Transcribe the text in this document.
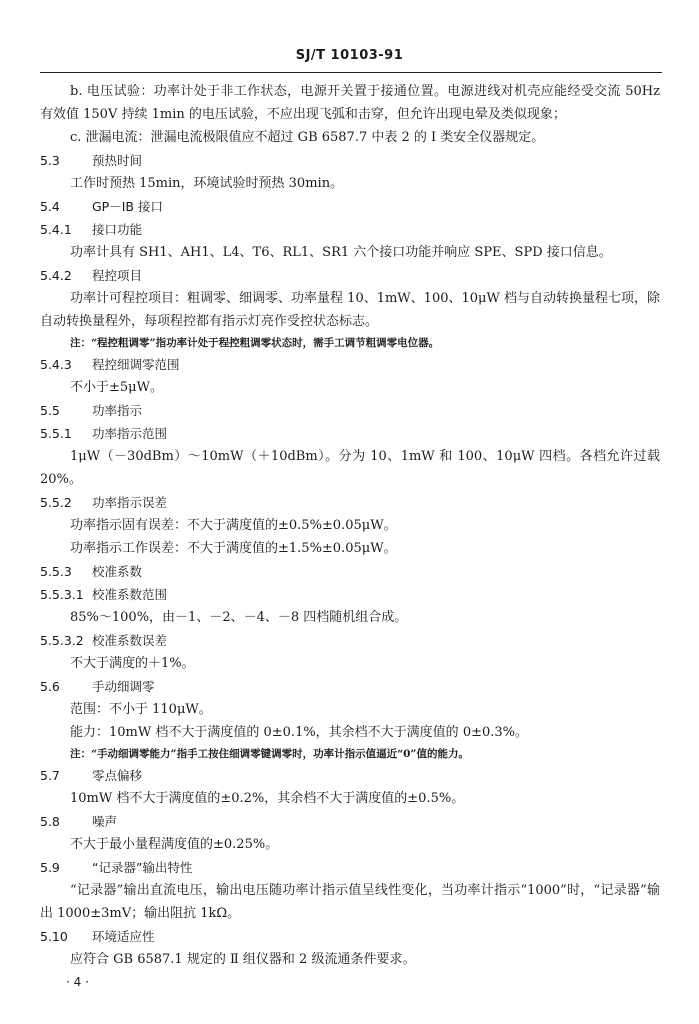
SJ/T 10103-91
b. 电压试验：功率计处于非工作状态，电源开关置于接通位置。电源进线对机壳应能经受交流 50Hz 有效值 150V 持续 1min 的电压试验，不应出现飞弧和击穿，但允许出现电晕及类似现象；
c. 泄漏电流：泄漏电流极限值应不超过 GB 6587.7 中表 2 的 Ⅰ 类安全仪器规定。
5.3	预热时间
工作时预热 15min，环境试验时预热 30min。
5.4	GP－IB 接口
5.4.1 接口功能
功率计具有 SH1、AH1、L4、T6、RL1、SR1 六个接口功能并响应 SPE、SPD 接口信息。
5.4.2 程控项目
功率计可程控项目：粗调零、细调零、功率量程 10、1mW、100、10μW 档与自动转换量程七项，除自动转换量程外，每项程控都有指示灯亮作受控状态标志。
注：“程控粗调零”指功率计处于程控粗调零状态时，需手工调节粗调零电位器。
5.4.3 程控细调零范围
不小于±5μW。
5.5	功率指示
5.5.1 功率指示范围
1μW（－30dBm）～10mW（＋10dBm）。分为 10、1mW 和 100、10μW 四档。各档允许过载 20%。
5.5.2 功率指示误差
功率指示固有误差：不大于满度值的±0.5%±0.05μW。
功率指示工作误差：不大于满度值的±1.5%±0.05μW。
5.5.3 校准系数
5.5.3.1 校准系数范围
85%～100%，由－1、－2、－4、－8 四档随机组合成。
5.5.3.2 校准系数误差
不大于满度的＋1%。
5.6	手动细调零
范围：不小于 110μW。
能力：10mW 档不大于满度值的 0±0.1%，其余档不大于满度值的 0±0.3%。
注：“手动细调零能力”指手工按住细调零键调零时，功率计指示值逼近“0”值的能力。
5.7	零点偏移
10mW 档不大于满度值的±0.2%，其余档不大于满度值的±0.5%。
5.8	噪声
不大于最小量程满度值的±0.25%。
5.9	“记录器”输出特性
“记录器”输出直流电压，输出电压随功率计指示值呈线性变化，当功率计指示“1000”时，“记录器”输出 1000±3mV；输出阻抗 1kΩ。
5.10 环境适应性
应符合 GB 6587.1 规定的 Ⅱ 组仪器和 2 级流通条件要求。
· 4 ·
